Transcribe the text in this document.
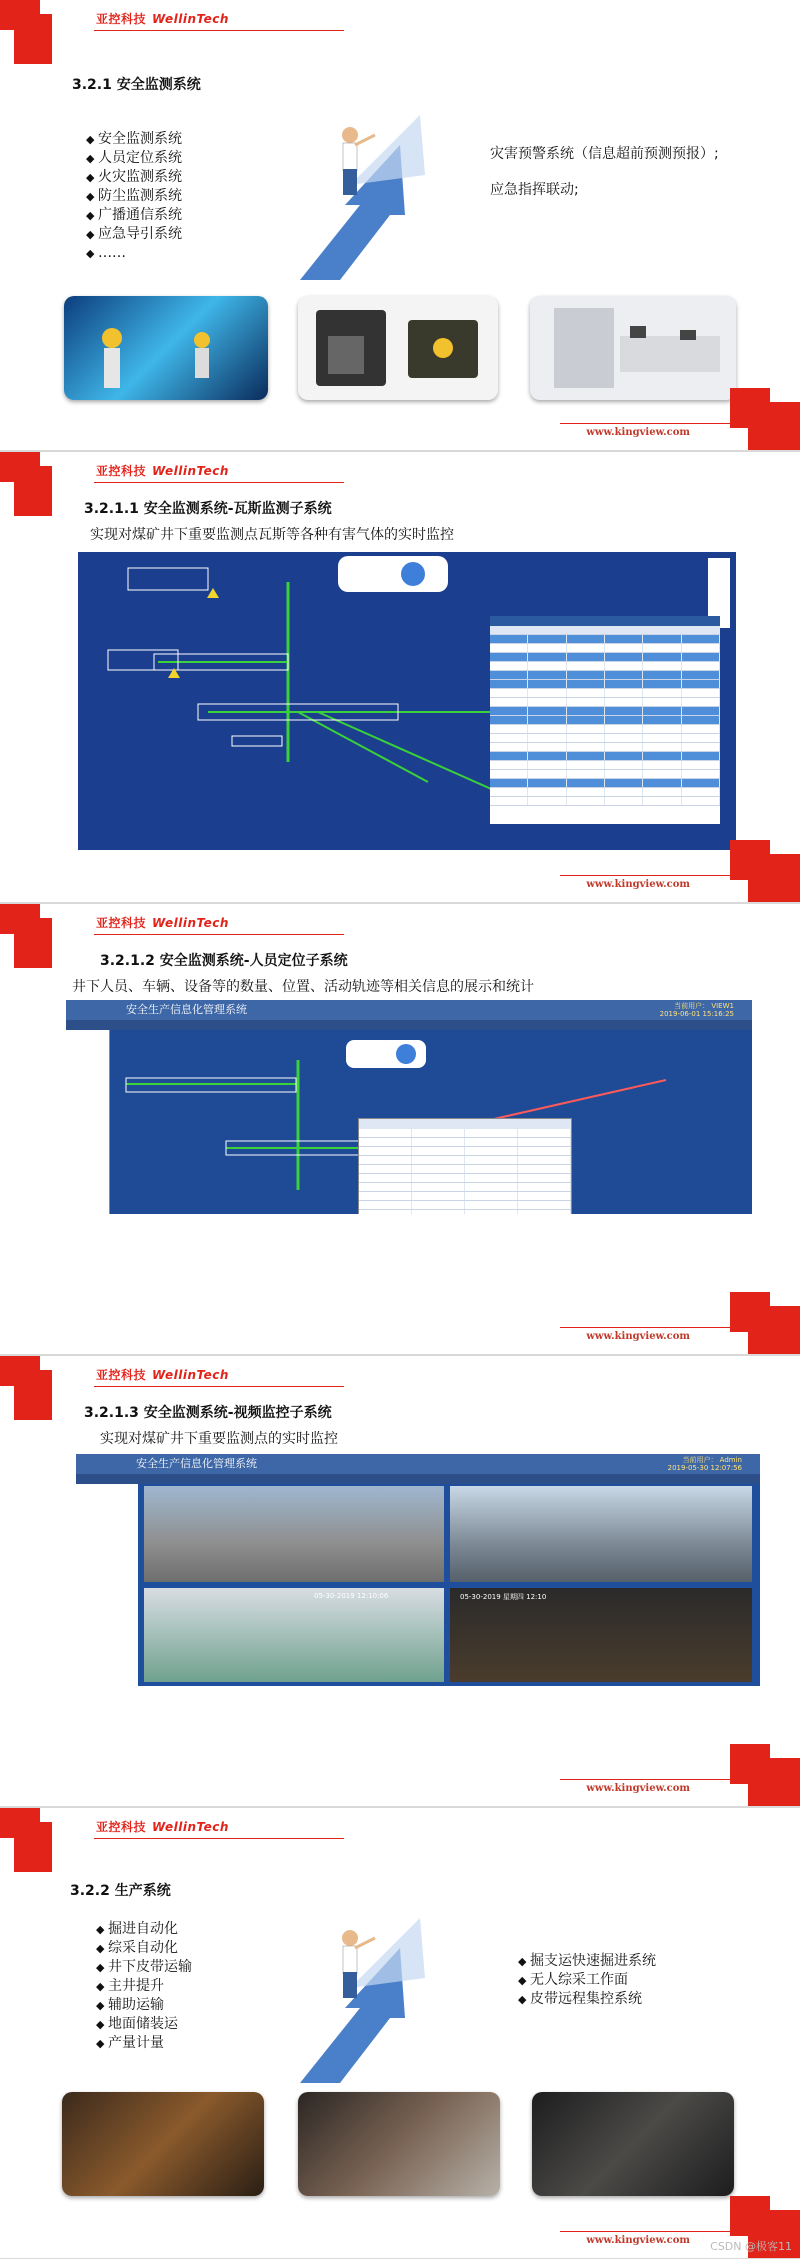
亚控科技 WellinTech
3.2.1 安全监测系统
◆ 安全监测系统
◆ 人员定位系统
◆ 火灾监测系统
◆ 防尘监测系统
◆ 广播通信系统
◆ 应急导引系统
◆ ……
灾害预警系统（信息超前预测预报）;
应急指挥联动;
www.kingview.com
亚控科技 WellinTech
3.2.1.1 安全监测系统-瓦斯监测子系统
实现对煤矿井下重要监测点瓦斯等各种有害气体的实时监控
www.kingview.com
亚控科技 WellinTech
3.2.1.2 安全监测系统-人员定位子系统
井下人员、车辆、设备等的数量、位置、活动轨迹等相关信息的展示和统计
安全生产信息化管理系统	当前用户： VIEW1
2019-06-01 15:16:25
www.kingview.com
亚控科技 WellinTech
3.2.1.3 安全监测系统-视频监控子系统
实现对煤矿井下重要监测点的实时监控
安全生产信息化管理系统	当前用户： Admin
2019-05-30 12:07:56
05-30-2019 12:10:06	05-30-2019 星期四 12:10
www.kingview.com
亚控科技 WellinTech
3.2.2 生产系统
◆ 掘进自动化
◆ 综采自动化
◆ 井下皮带运输
◆ 主井提升
◆ 辅助运输
◆ 地面储装运
◆ 产量计量
◆ 掘支运快速掘进系统
◆ 无人综采工作面
◆ 皮带远程集控系统
www.kingview.com CSDN @极客11
